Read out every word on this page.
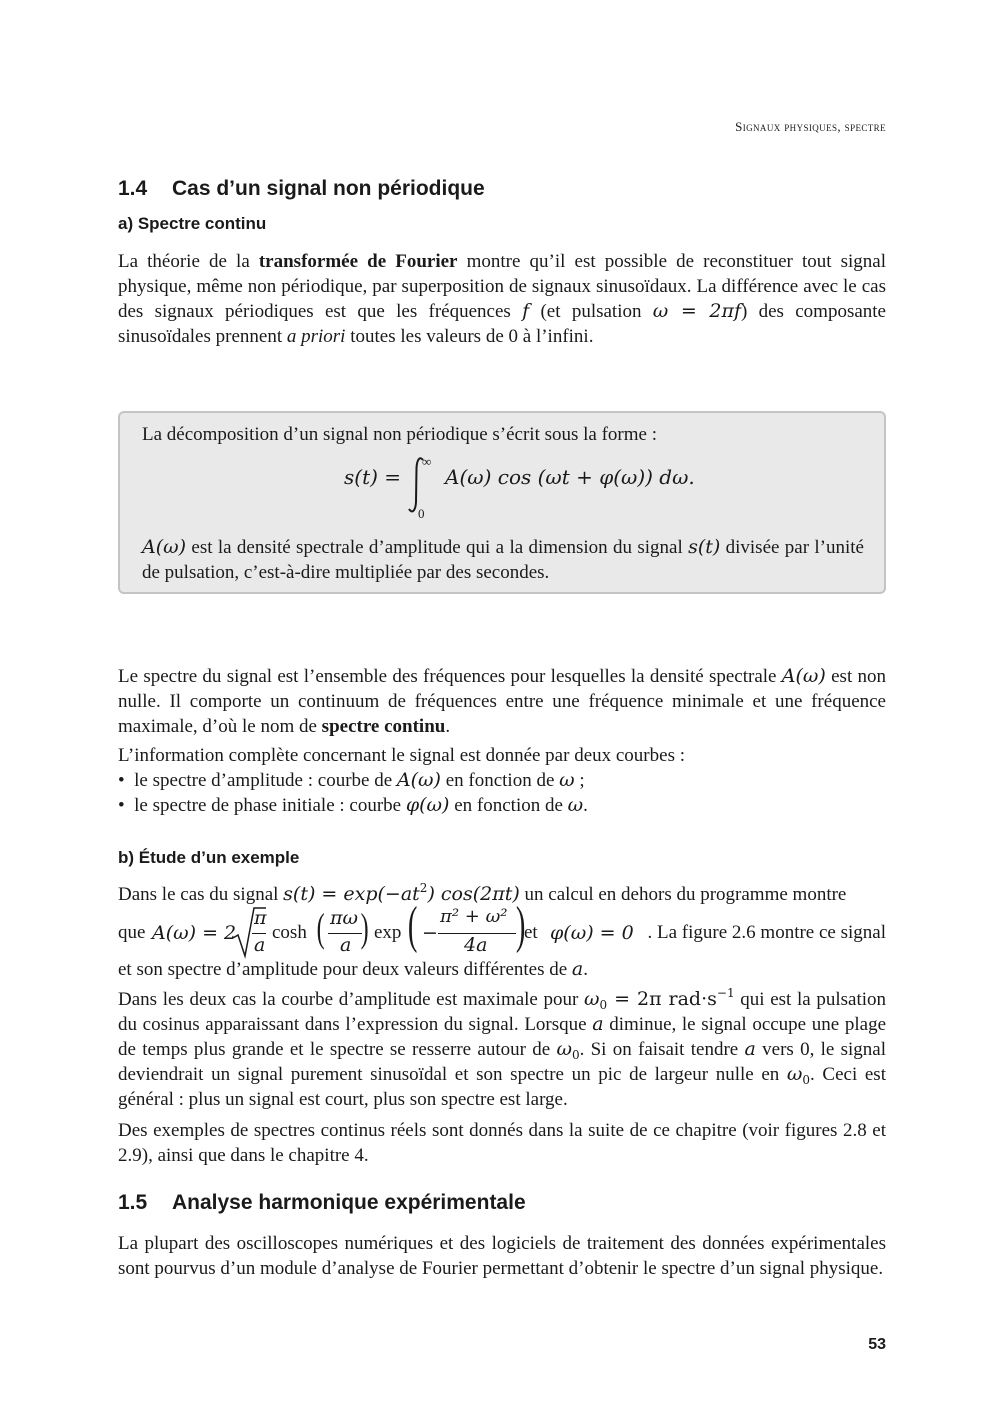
Signaux physiques, spectre
1.4 Cas d’un signal non périodique
a) Spectre continu

La théorie de la transformée de Fourier montre qu’il est possible de reconstituer tout signal physique, même non périodique, par superposition de signaux sinusoïdaux. La différence avec le cas des signaux périodiques est que les fréquences f (et pulsation ω = 2πf) des composante sinusoïdales prennent a priori toutes les valeurs de 0 à l’infini.

La décomposition d’un signal non périodique s’écrit sous la forme :

s(t) =
∞
0
A(ω) cos (ωt + φ(ω)) dω.

A(ω) est la densité spectrale d’amplitude qui a la dimension du signal s(t) divisée par l’unité de pulsation, c’est-à-dire multipliée par des secondes.

Le spectre du signal est l’ensemble des fréquences pour lesquelles la densité spectrale A(ω) est non nulle. Il comporte un continuum de fréquences entre une fréquence minimale et une fréquence maximale, d’où le nom de spectre continu.

L’information complète concernant le signal est donnée par deux courbes :

• le spectre d’amplitude : courbe de A(ω) en fonction de ω ;

• le spectre de phase initiale : courbe φ(ω) en fonction de ω.

b) Étude d’un exemple

Dans le cas du signal $s(t) = \exp(-at^2)$ cos(2πt) un calcul en dehors du programme montre

que A(ω) = 2
π
a
cosh ( πω
a ) exp ( −
π² + ω²
4a )
et φ(ω) = 0 . La figure 2.6 montre ce signal

et son spectre d’amplitude pour deux valeurs différentes de a.

Dans les deux cas la courbe d’amplitude est maximale pour $\omega_0 = 2\pi$ $rad\cdot s^{-1}$ qui est la pulsation du cosinus apparaissant dans l’expression du signal. Lorsque a diminue, le signal occupe une plage de temps plus grande et le spectre se resserre autour de $\omega_0$. Si on faisait tendre a vers 0, le signal deviendrait un signal purement sinusoïdal et son spectre un pic de largeur nulle en $\omega_0$. Ceci est général : plus un signal est court, plus son spectre est large.

Des exemples de spectres continus réels sont donnés dans la suite de ce chapitre (voir figures 2.8 et 2.9), ainsi que dans le chapitre 4.

1.5 Analyse harmonique expérimentale

La plupart des oscilloscopes numériques et des logiciels de traitement des données expérimentales sont pourvus d’un module d’analyse de Fourier permettant d’obtenir le spectre d’un signal physique.

53
